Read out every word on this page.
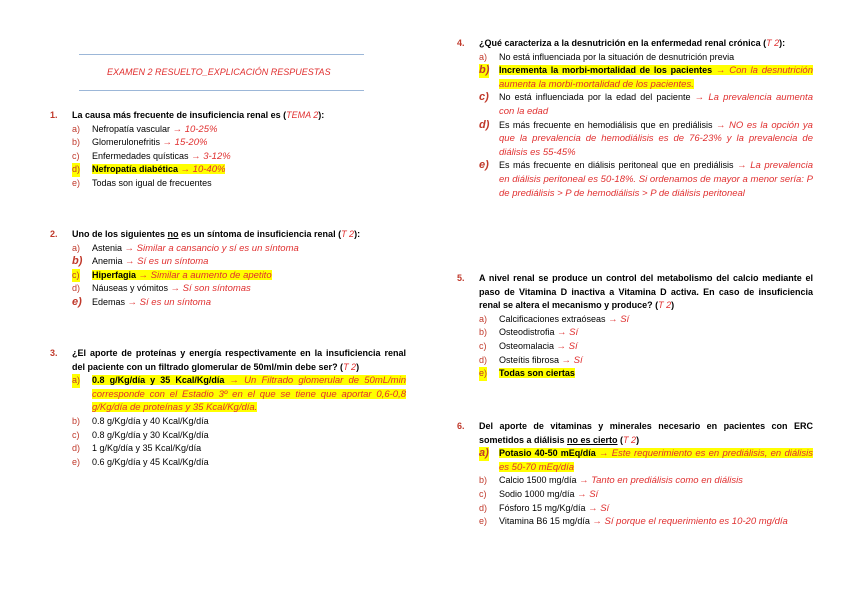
EXAMEN 2 RESUELTO_EXPLICACIÓN RESPUESTAS
1. La causa más frecuente de insuficiencia renal es (TEMA 2):
a) Nefropatía vascular → 10-25%
b) Glomerulonefritis → 15-20%
c) Enfermedades quísticas → 3-12%
d) Nefropatía diabética → 10-40%
e) Todas son igual de frecuentes
2. Uno de los siguientes no es un síntoma de insuficiencia renal (T 2):
a) Astenia → Similar a cansancio y sí es un síntoma
b) Anemia → Sí es un síntoma
c) Hiperfagia → Similar a aumento de apetito
d) Náuseas y vómitos → Sí son síntomas
e) Edemas → Sí es un síntoma
3. ¿El aporte de proteínas y energía respectivamente en la insuficiencia renal del paciente con un filtrado glomerular de 50ml/min debe ser? (T 2)
a) 0.8 g/Kg/día y 35 Kcal/Kg/día → Un Filtrado glomerular de 50mL/min corresponde con el Estadio 3º en el que se tiene que aportar 0,6-0,8 g/Kg/día de proteínas y 35 Kcal/Kg/día.
b) 0.8 g/Kg/día y 40 Kcal/Kg/día
c) 0.8 g/Kg/día y 30 Kcal/Kg/día
d) 1 g/Kg/día y 35 Kcal/Kg/día
e) 0.6 g/Kg/día y 45 Kcal/Kg/día
4. ¿Qué caracteriza a la desnutrición en la enfermedad renal crónica (T 2):
a) No está influenciada por la situación de desnutrición previa
b) Incrementa la morbi-mortalidad de los pacientes → Con la desnutrición aumenta la morbi-mortalidad de los pacientes.
c) No está influenciada por la edad del paciente → La prevalencia aumenta con la edad
d) Es más frecuente en hemodiálisis que en prediálisis → NO es la opción ya que la prevalencia de hemodiálisis es de 76-23% y la prevalencia de diálisis es 55-45%
e) Es más frecuente en diálisis peritoneal que en prediálisis → La prevalencia en diálisis peritoneal es 50-18%. Si ordenamos de mayor a menor sería: P de prediálisis > P de hemodiálisis > P de diálisis peritoneal
5. A nivel renal se produce un control del metabolismo del calcio mediante el paso de Vitamina D inactiva a Vitamina D activa. En caso de insuficiencia renal se altera el mecanismo y produce? (T 2)
a) Calcificaciones extraóseas → Sí
b) Osteodistrofia → Sí
c) Osteomalacia → Sí
d) Osteítis fibrosa → Sí
e) Todas son ciertas
6. Del aporte de vitaminas y minerales necesario en pacientes con ERC sometidos a diálisis no es cierto (T 2)
a) Potasio 40-50 mEq/día → Este requerimiento es en prediálisis, en diálisis es 50-70 mEq/día
b) Calcio 1500 mg/día → Tanto en prediálisis como en diálisis
c) Sodio 1000 mg/día → Sí
d) Fósforo 15 mg/Kg/día → Sí
e) Vitamina B6 15 mg/día → Sí porque el requerimiento es 10-20 mg/día
